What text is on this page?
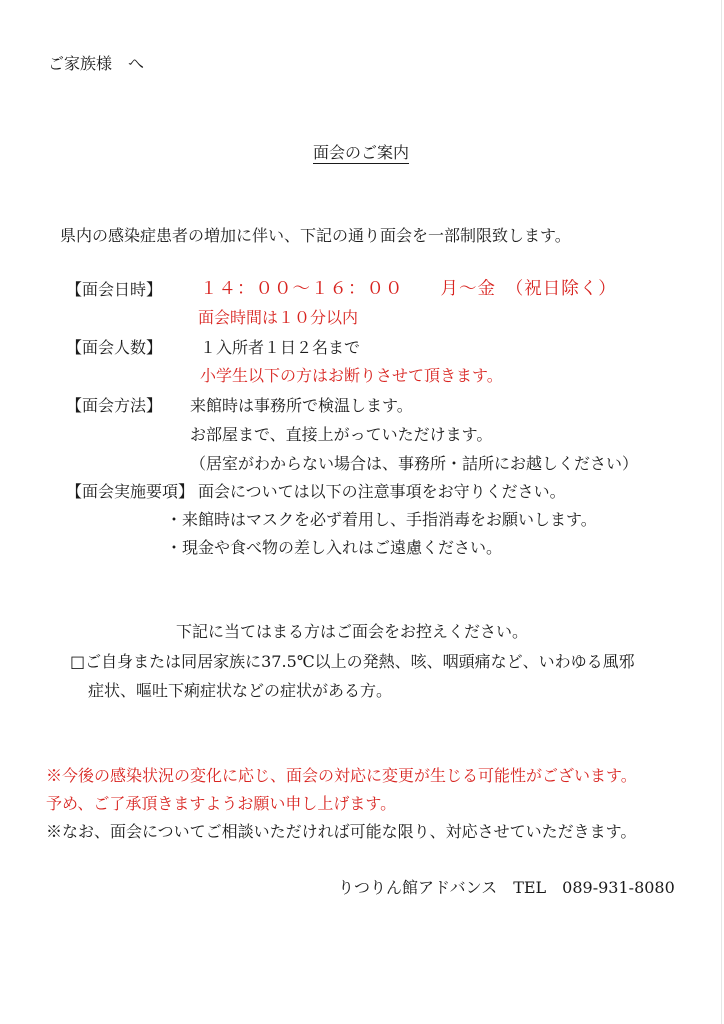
ご家族様　へ
面会のご案内
県内の感染症患者の増加に伴い、下記の通り面会を一部制限致します。
【面会日時】 １４：００～１６：００　　月～金　（祝日除く）
面会時間は１０分以内
【面会人数】 １入所者１日２名まで
小学生以下の方はお断りさせて頂きます。
【面会方法】 来館時は事務所で検温します。
お部屋まで、直接上がっていただけます。
（居室がわからない場合は、事務所・詰所にお越しください）
【面会実施要項】 面会については以下の注意事項をお守りください。
・来館時はマスクを必ず着用し、手指消毒をお願いします。
・現金や食べ物の差し入れはご遠慮ください。
下記に当てはまる方はご面会をお控えください。
□ご自身または同居家族に37.5℃以上の発熱、咳、咽頭痛など、いわゆる風邪
症状、嘔吐下痢症状などの症状がある方。
※今後の感染状況の変化に応じ、面会の対応に変更が生じる可能性がございます。
予め、ご了承頂きますようお願い申し上げます。
※なお、面会についてご相談いただければ可能な限り、対応させていただきます。
りつりん館アドバンス　TEL　089-931-8080
